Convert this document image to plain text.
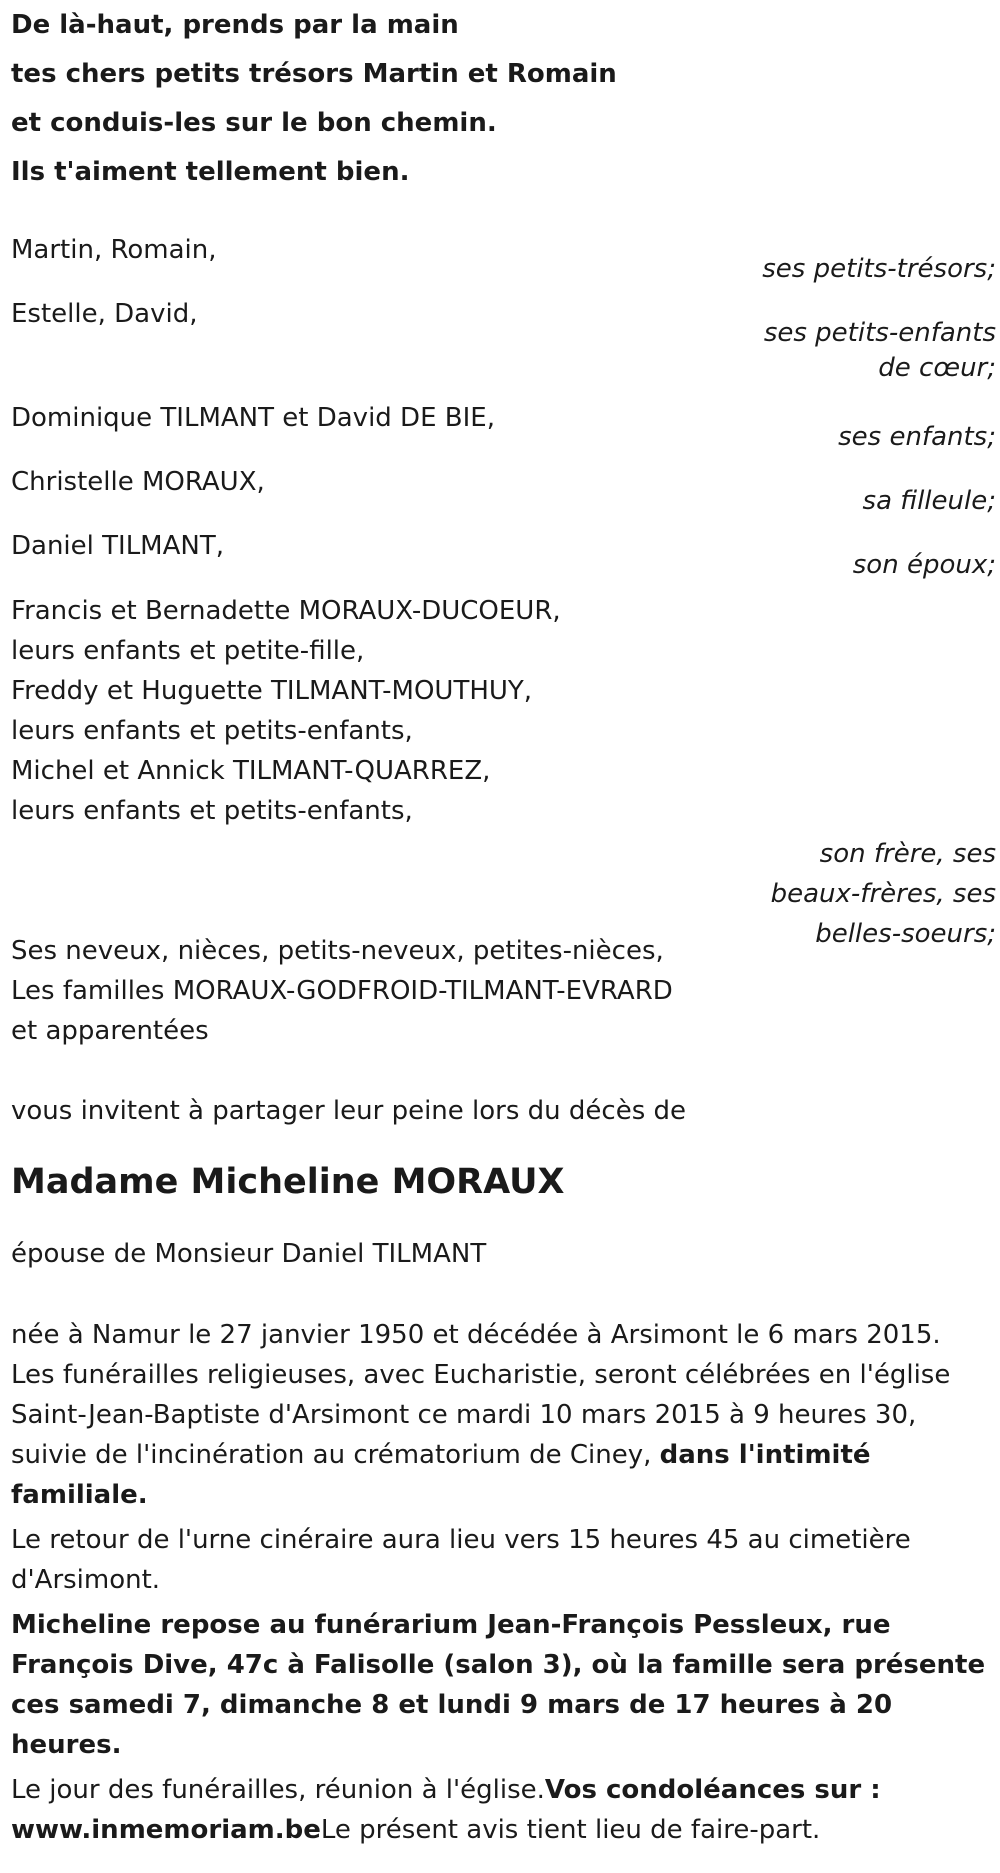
De là-haut, prends par la main
tes chers petits trésors Martin et Romain
et conduis-les sur le bon chemin.
Ils t'aiment tellement bien.
Martin, Romain,
ses petits-trésors;
Estelle, David,
ses petits-enfants
de cœur;
Dominique TILMANT et David DE BIE,
ses enfants;
Christelle MORAUX,
sa filleule;
Daniel TILMANT,
son époux;
Francis et Bernadette MORAUX-DUCOEUR,
leurs enfants et petite-fille,
Freddy et Huguette TILMANT-MOUTHUY,
leurs enfants et petits-enfants,
Michel et Annick TILMANT-QUARREZ,
leurs enfants et petits-enfants,
son frère, ses
beaux-frères, ses
belles-soeurs;
Ses neveux, nièces, petits-neveux, petites-nièces,
Les familles MORAUX-GODFROID-TILMANT-EVRARD
et apparentées
vous invitent à partager leur peine lors du décès de
Madame Micheline MORAUX
épouse de Monsieur Daniel TILMANT
née à Namur le 27 janvier 1950 et décédée à Arsimont le 6 mars 2015.
Les funérailles religieuses, avec Eucharistie, seront célébrées en l'église Saint-Jean-Baptiste d'Arsimont ce mardi 10 mars 2015 à 9 heures 30, suivie de l'incinération au crématorium de Ciney, dans l'intimité familiale.
Le retour de l'urne cinéraire aura lieu vers 15 heures 45 au cimetière d'Arsimont.
Micheline repose au funérarium Jean-François Pessleux, rue François Dive, 47c à Falisolle (salon 3), où la famille sera présente ces samedi 7, dimanche 8 et lundi 9 mars de 17 heures à 20 heures.
Le jour des funérailles, réunion à l'église.Vos condoléances sur : www.inmemoriam.beLe présent avis tient lieu de faire-part.
